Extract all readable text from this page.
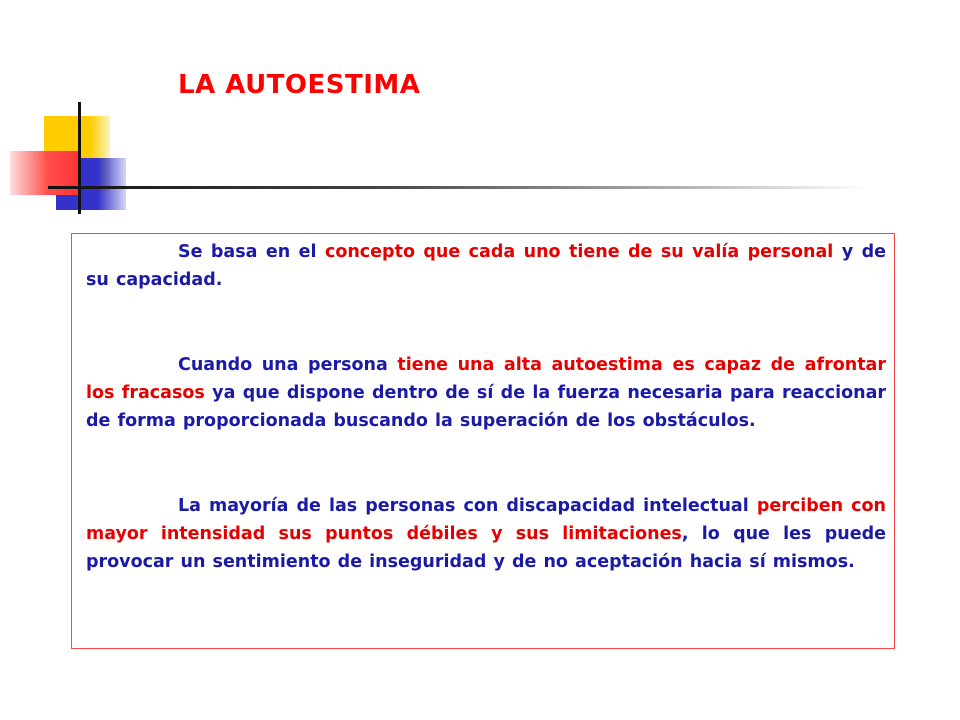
LA AUTOESTIMA

Se basa en el concepto que cada uno tiene de su valía personal y de su capacidad.

Cuando una persona tiene una alta autoestima es capaz de afrontar los fracasos ya que dispone dentro de sí de la fuerza necesaria para reaccionar de forma proporcionada buscando la superación de los obstáculos.

La mayoría de las personas con discapacidad intelectual perciben con mayor intensidad sus puntos débiles y sus limitaciones, lo que les puede provocar un sentimiento de inseguridad y de no aceptación hacia sí mismos.
